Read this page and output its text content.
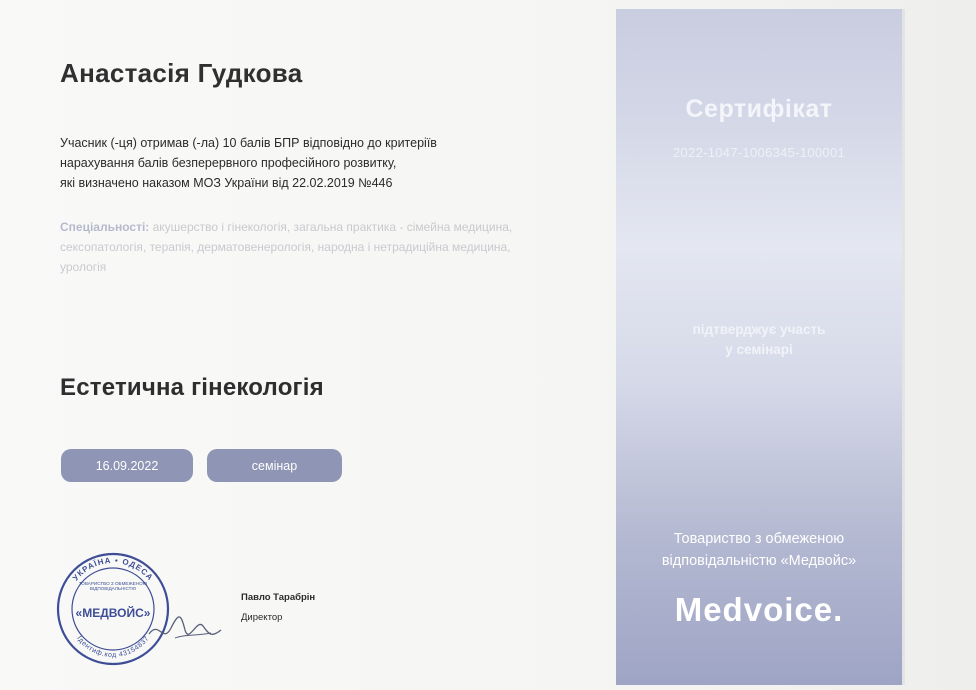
Анастасія Гудкова
Учасник (-ця) отримав (-ла) 10 балів БПР відповідно до критеріїв
нарахування балів безперервного професійного розвитку,
які визначено наказом МОЗ України від 22.02.2019 №446
Спеціальності: акушерство і гінекологія, загальна практика - сімейна медицина, сексопатологія, терапія, дерматовенерологія, народна і нетрадиційна медицина, урологія
Естетична гінекологія
16.09.2022	семінар
УКРАЇНА • ОДЕСА
Ідентиф.код 43154837
ТОВАРИСТВО З ОБМЕЖЕНОЮ ВІДПОВІДАЛЬНІСТЮ
«МЕДВОЙС»
Павло Тарабрін
Директор
Сертифікат
2022-1047-1006345-100001
підтверджує участь
у семінарі
Товариство з обмеженою
відповідальністю «Медвойс»
Medvoice.
